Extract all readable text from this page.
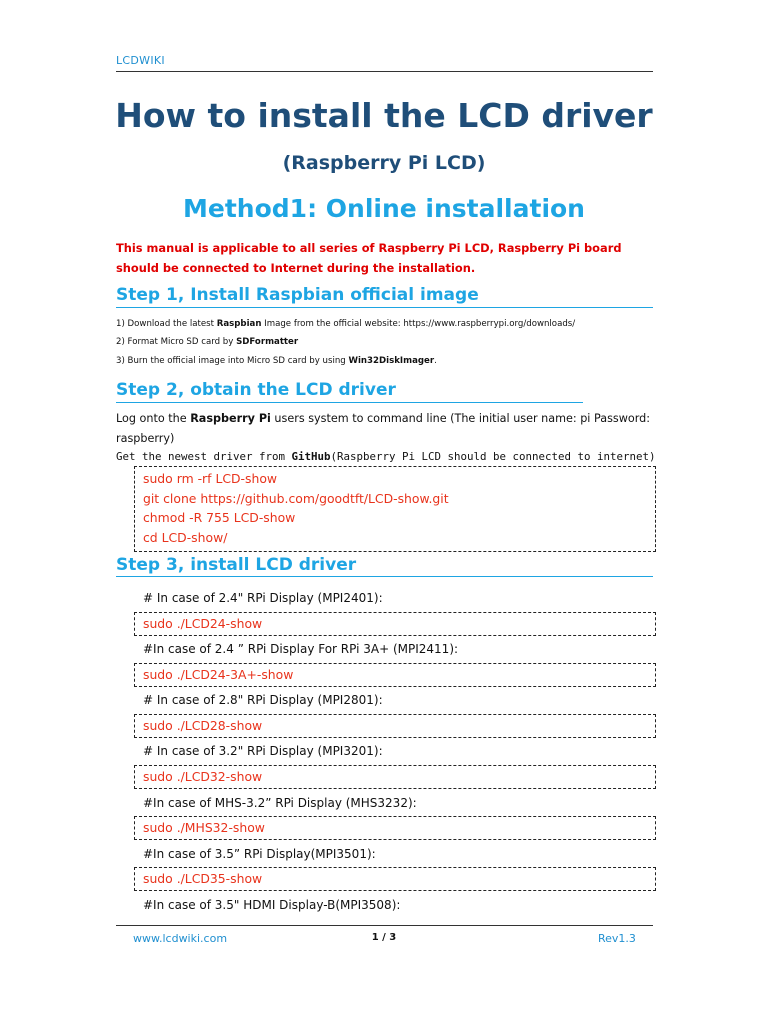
LCDWIKI
How to install the LCD driver
(Raspberry Pi LCD)
Method1: Online installation
This manual is applicable to all series of Raspberry Pi LCD, Raspberry Pi board should be connected to Internet during the installation.
Step 1, Install Raspbian official image
1) Download the latest Raspbian Image from the official website: https://www.raspberrypi.org/downloads/
2) Format Micro SD card by SDFormatter
3) Burn the official image into Micro SD card by using Win32DiskImager.
Step 2, obtain the LCD driver
Log onto the Raspberry Pi users system to command line (The initial user name: pi Password: raspberry)
Get the newest driver from GitHub(Raspberry Pi LCD should be connected to internet)
sudo rm -rf LCD-show
git clone https://github.com/goodtft/LCD-show.git
chmod -R 755 LCD-show
cd LCD-show/
Step 3, install LCD driver
# In case of 2.4" RPi Display (MPI2401):
sudo ./LCD24-show
#In case of 2.4 ” RPi Display For RPi 3A+ (MPI2411):
sudo ./LCD24-3A+-show
# In case of 2.8" RPi Display (MPI2801):
sudo ./LCD28-show
# In case of 3.2" RPi Display (MPI3201):
sudo ./LCD32-show
#In case of MHS-3.2” RPi Display (MHS3232):
sudo ./MHS32-show
#In case of 3.5” RPi Display(MPI3501):
sudo ./LCD35-show
#In case of 3.5" HDMI Display-B(MPI3508):
www.lcdwiki.com	1 / 3	Rev1.3
